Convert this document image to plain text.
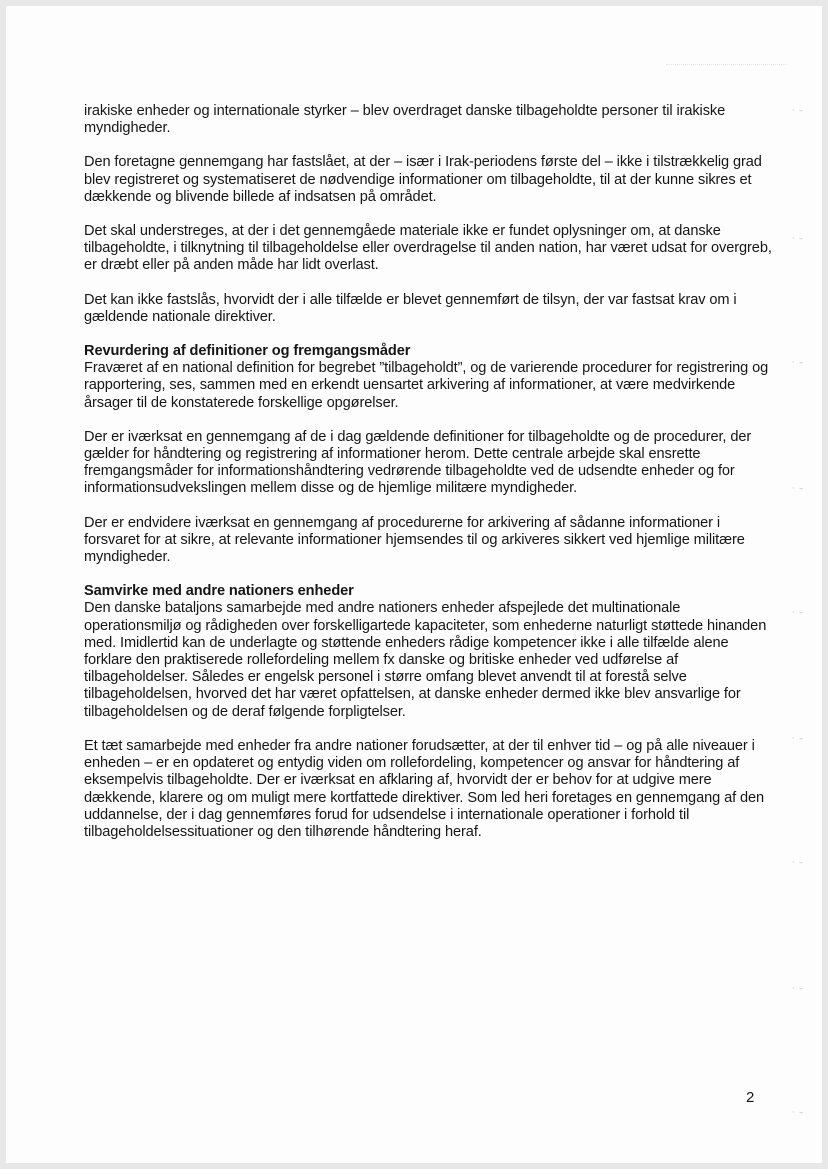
irakiske enheder og internationale styrker – blev overdraget danske tilbageholdte personer til irakiske myndigheder.

Den foretagne gennemgang har fastslået, at der – især i Irak-periodens første del – ikke i tilstrækkelig grad blev registreret og systematiseret de nødvendige informationer om tilbageholdte, til at der kunne sikres et dækkende og blivende billede af indsatsen på området.

Det skal understreges, at der i det gennemgåede materiale ikke er fundet oplysninger om, at danske tilbageholdte, i tilknytning til tilbageholdelse eller overdragelse til anden nation, har været udsat for overgreb, er dræbt eller på anden måde har lidt overlast.

Det kan ikke fastslås, hvorvidt der i alle tilfælde er blevet gennemført de tilsyn, der var fastsat krav om i gældende nationale direktiver.

Revurdering af definitioner og fremgangsmåder

Fraværet af en national definition for begrebet ”tilbageholdt”, og de varierende procedurer for registrering og rapportering, ses, sammen med en erkendt uensartet arkivering af informationer, at være medvirkende årsager til de konstaterede forskellige opgørelser.

Der er iværksat en gennemgang af de i dag gældende definitioner for tilbageholdte og de procedurer, der gælder for håndtering og registrering af informationer herom. Dette centrale arbejde skal ensrette fremgangsmåder for informationshåndtering vedrørende tilbageholdte ved de udsendte enheder og for informationsudvekslingen mellem disse og de hjemlige militære myndigheder.

Der er endvidere iværksat en gennemgang af procedurerne for arkivering af sådanne informationer i forsvaret for at sikre, at relevante informationer hjemsendes til og arkiveres sikkert ved hjemlige militære myndigheder.

Samvirke med andre nationers enheder

Den danske bataljons samarbejde med andre nationers enheder afspejlede det multinationale operationsmiljø og rådigheden over forskelligartede kapaciteter, som enhederne naturligt støttede hinanden med. Imidlertid kan de underlagte og støttende enheders rådige kompetencer ikke i alle tilfælde alene forklare den praktiserede rollefordeling mellem fx danske og britiske enheder ved udførelse af tilbageholdelser. Således er engelsk personel i større omfang blevet anvendt til at forestå selve tilbageholdelsen, hvorved det har været opfattelsen, at danske enheder dermed ikke blev ansvarlige for tilbageholdelsen og de deraf følgende forpligtelser.

Et tæt samarbejde med enheder fra andre nationer forudsætter, at der til enhver tid – og på alle niveauer i enheden – er en opdateret og entydig viden om rollefordeling, kompetencer og ansvar for håndtering af eksempelvis tilbageholdte. Der er iværksat en afklaring af, hvorvidt der er behov for at udgive mere dækkende, klarere og om muligt mere kortfattede direktiver. Som led heri foretages en gennemgang af den uddannelse, der i dag gennemføres forud for udsendelse i internationale operationer i forhold til tilbageholdelsessituationer og den tilhørende håndtering heraf.

2
· –
· –
· –
· –
· –
· –
· –
· –
· –
